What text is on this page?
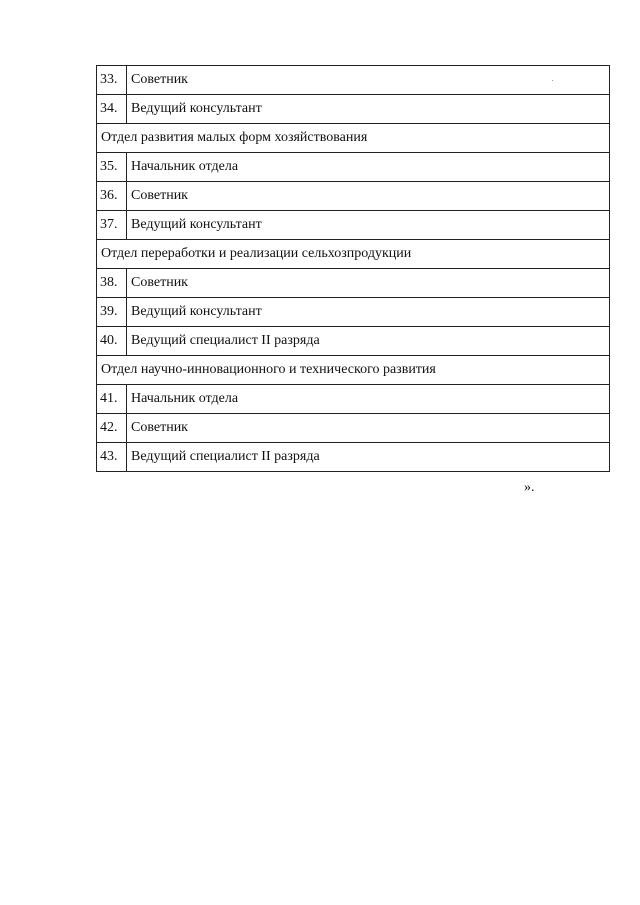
33.	Советник
34.	Ведущий консультант
Отдел развития малых форм хозяйствования	
35.	Начальник отдела
36.	Советник
37.	Ведущий консультант
Отдел переработки и реализации сельхозпродукции	
38.	Советник
39.	Ведущий консультант
40.	Ведущий специалист II разряда
Отдел научно-инновационного и технического развития	
41.	Начальник отдела
42.	Советник
43.	Ведущий специалист II разряда
».
